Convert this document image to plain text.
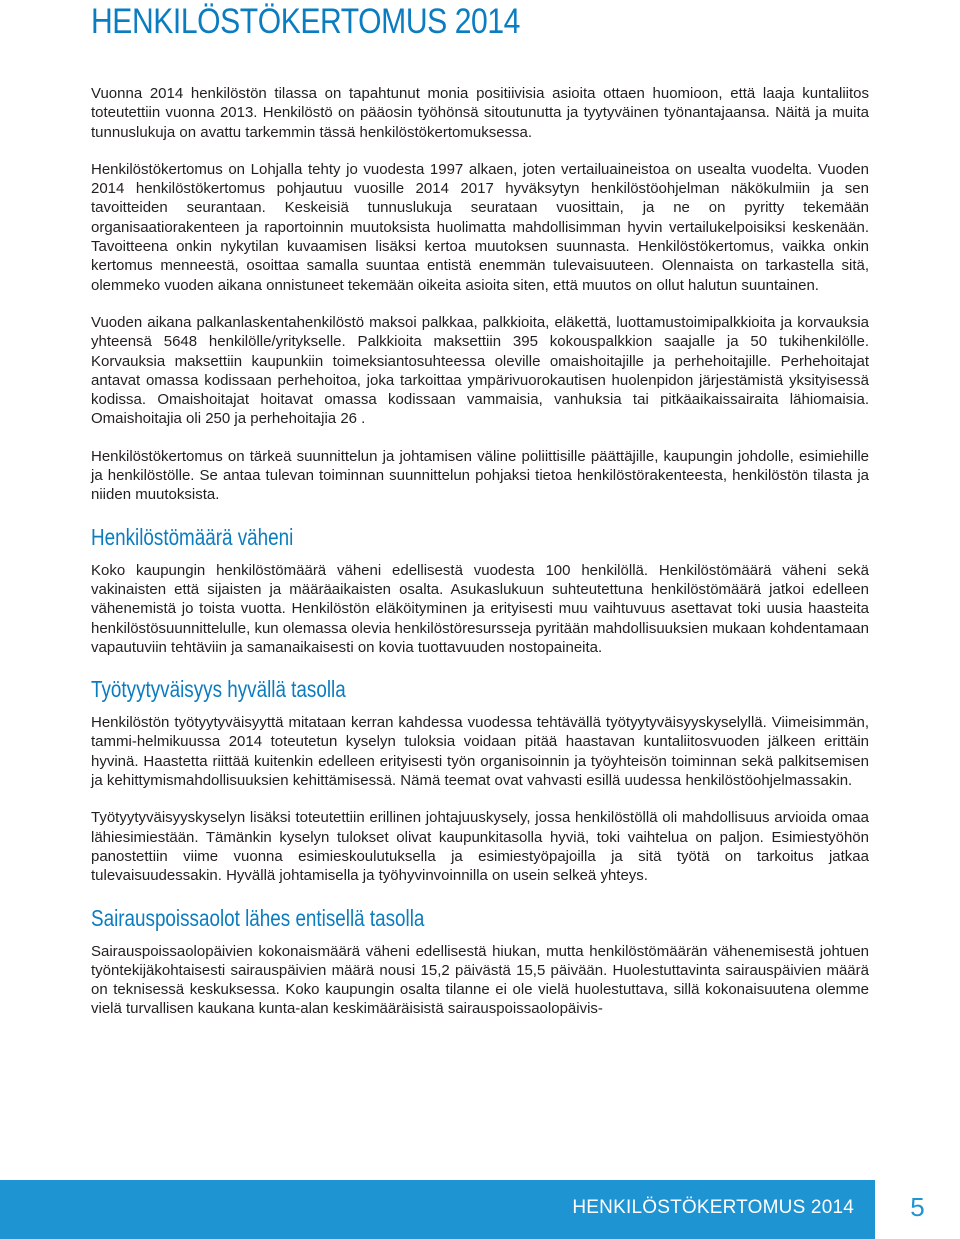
HENKILÖSTÖKERTOMUS 2014

Vuonna 2014 henkilöstön tilassa on tapahtunut monia positiivisia asioita ottaen huomioon, että laaja kuntaliitos toteutettiin vuonna 2013. Henkilöstö on pääosin työhönsä sitoutunutta ja tyytyväinen työnantajaansa. Näitä ja muita tunnuslukuja on avattu tarkemmin tässä henkilöstökertomuksessa.

Henkilöstökertomus on Lohjalla tehty jo vuodesta 1997 alkaen, joten vertailuaineistoa on usealta vuodelta. Vuoden 2014 henkilöstökertomus pohjautuu vuosille 2014 2017 hyväksytyn henkilöstöohjelman näkökulmiin ja sen tavoitteiden seurantaan. Keskeisiä tunnuslukuja seurataan vuosittain, ja ne on pyritty tekemään organisaatiorakenteen ja raportoinnin muutoksista huolimatta mahdollisimman hyvin vertailukelpoisiksi keskenään. Tavoitteena onkin nykytilan kuvaamisen lisäksi kertoa muutoksen suunnasta. Henkilöstökertomus, vaikka onkin kertomus menneestä, osoittaa samalla suuntaa entistä enemmän tulevaisuuteen. Olennaista on tarkastella sitä, olemmeko vuoden aikana onnistuneet tekemään oikeita asioita siten, että muutos on ollut halutun suuntainen.

Vuoden aikana palkanlaskentahenkilöstö maksoi palkkaa, palkkioita, eläkettä, luottamustoimipalkkioita ja korvauksia yhteensä 5648 henkilölle/yritykselle. Palkkioita maksettiin 395 kokouspalkkion saajalle ja 50 tukihenkilölle. Korvauksia maksettiin kaupunkiin toimeksiantosuhteessa oleville omaishoitajille ja perhehoitajille. Perhehoitajat antavat omassa kodissaan perhehoitoa, joka tarkoittaa ympärivuorokautisen huolenpidon järjestämistä yksityisessä kodissa. Omaishoitajat hoitavat omassa kodissaan vammaisia, vanhuksia tai pitkäaikaissairaita lähiomaisia. Omaishoitajia oli 250 ja perhehoitajia 26 .

Henkilöstökertomus on tärkeä suunnittelun ja johtamisen väline poliittisille päättäjille, kaupungin johdolle, esimiehille ja henkilöstölle. Se antaa tulevan toiminnan suunnittelun pohjaksi tietoa henkilöstörakenteesta, henkilöstön tilasta ja niiden muutoksista.

Henkilöstömäärä väheni

Koko kaupungin henkilöstömäärä väheni edellisestä vuodesta 100 henkilöllä. Henkilöstömäärä väheni sekä vakinaisten että sijaisten ja määräaikaisten osalta. Asukaslukuun suhteutettuna henkilöstömäärä jatkoi edelleen vähenemistä jo toista vuotta. Henkilöstön eläköityminen ja erityisesti muu vaihtuvuus asettavat toki uusia haasteita henkilöstösuunnittelulle, kun olemassa olevia henkilöstöresursseja pyritään mahdollisuuksien mukaan kohdentamaan vapautuviin tehtäviin ja samanaikaisesti on kovia tuottavuuden nostopaineita.

Työtyytyväisyys hyvällä tasolla

Henkilöstön työtyytyväisyyttä mitataan kerran kahdessa vuodessa tehtävällä työtyytyväisyyskyselyllä. Viimeisimmän, tammi-helmikuussa 2014 toteutetun kyselyn tuloksia voidaan pitää haastavan kuntaliitosvuoden jälkeen erittäin hyvinä. Haastetta riittää kuitenkin edelleen erityisesti työn organisoinnin ja työyhteisön toiminnan sekä palkitsemisen ja kehittymismahdollisuuksien kehittämisessä. Nämä teemat ovat vahvasti esillä uudessa henkilöstöohjelmassakin.

Työtyytyväisyyskyselyn lisäksi toteutettiin erillinen johtajuuskysely, jossa henkilöstöllä oli mahdollisuus arvioida omaa lähiesimiestään. Tämänkin kyselyn tulokset olivat kaupunkitasolla hyviä, toki vaihtelua on paljon. Esimiestyöhön panostettiin viime vuonna esimieskoulutuksella ja esimiestyöpajoilla ja sitä työtä on tarkoitus jatkaa tulevaisuudessakin. Hyvällä johtamisella ja työhyvinvoinnilla on usein selkeä yhteys.

Sairauspoissaolot lähes entisellä tasolla

Sairauspoissaolopäivien kokonaismäärä väheni edellisestä hiukan, mutta henkilöstömäärän vähenemisestä johtuen työntekijäkohtaisesti sairauspäivien määrä nousi 15,2 päivästä 15,5 päivään. Huolestuttavinta sairauspäivien määrä on teknisessä keskuksessa. Koko kaupungin osalta tilanne ei ole vielä huolestuttava, sillä kokonaisuutena olemme vielä turvallisen kaukana kunta-alan keskimääräisistä sairauspoissaolopäivis-

HENKILÖSTÖKERTOMUS 2014	5
